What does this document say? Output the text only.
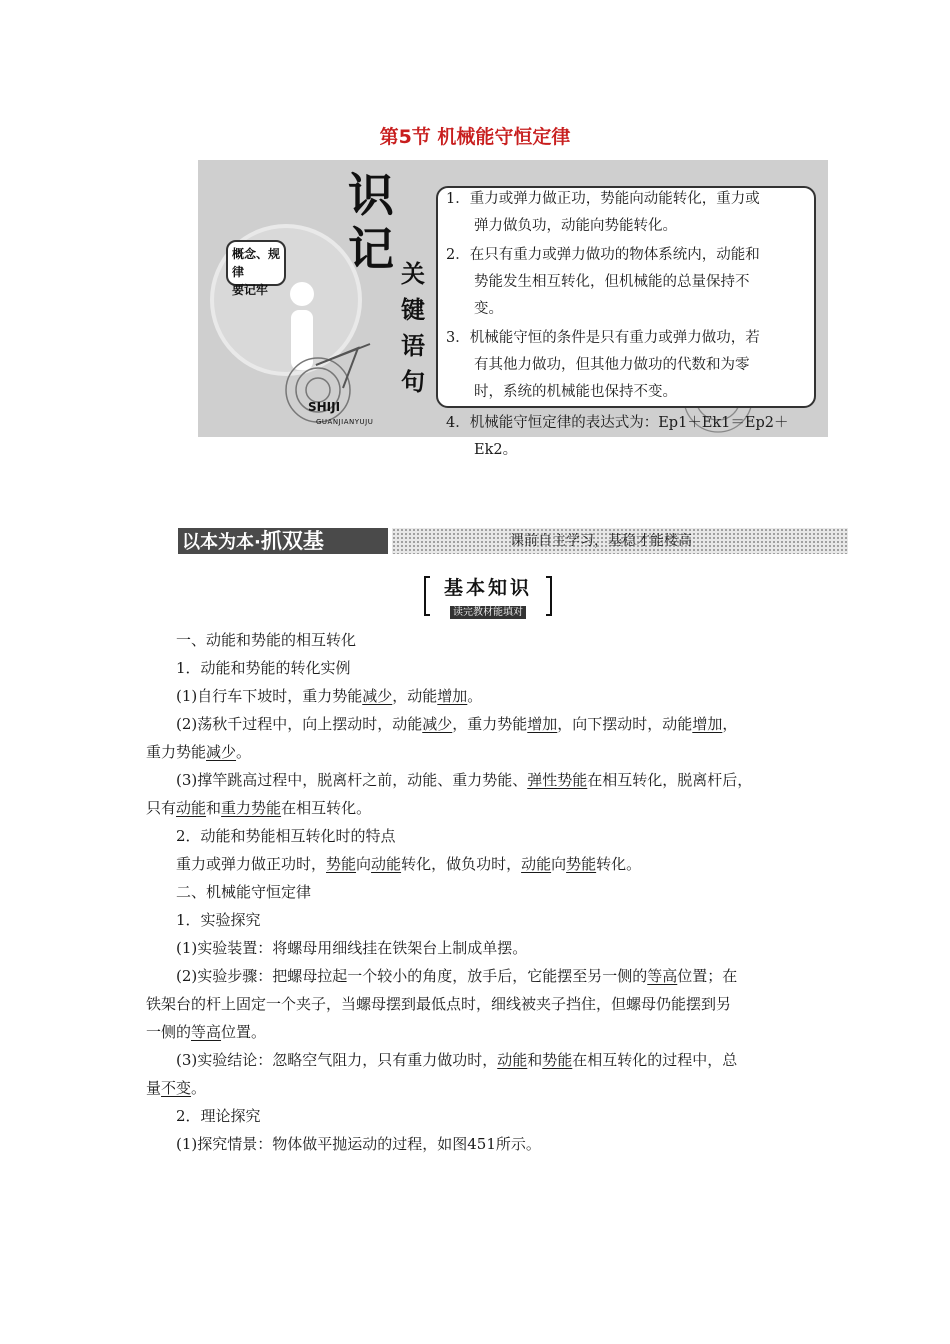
第5节 机械能守恒定律
概念、规律
要记牢
识
记 关键语句
SHIJI
GUANJIANYUJU
1．重力或弹力做正功，势能向动能转化，重力或
弹力做负功，动能向势能转化。
2．在只有重力或弹力做功的物体系统内，动能和
势能发生相互转化，但机械能的总量保持不
变。
3．机械能守恒的条件是只有重力或弹力做功，若
有其他力做功，但其他力做功的代数和为零
时，系统的机械能也保持不变。
4．机械能守恒定律的表达式为：Ep1＋Ek1＝Ep2＋
Ek2。
以本为本·抓双基	课前自主学习，基稳才能楼高
基本知识
读完教材能填对
一、动能和势能的相互转化
1．动能和势能的转化实例
(1)自行车下坡时，重力势能减少，动能增加。
(2)荡秋千过程中，向上摆动时，动能减少，重力势能增加，向下摆动时，动能增加，
重力势能减少。
(3)撑竿跳高过程中，脱离杆之前，动能、重力势能、弹性势能在相互转化，脱离杆后，
只有动能和重力势能在相互转化。
2．动能和势能相互转化时的特点
重力或弹力做正功时，势能向动能转化，做负功时，动能向势能转化。
二、机械能守恒定律
1．实验探究
(1)实验装置：将螺母用细线挂在铁架台上制成单摆。
(2)实验步骤：把螺母拉起一个较小的角度，放手后，它能摆至另一侧的等高位置；在
铁架台的杆上固定一个夹子，当螺母摆到最低点时，细线被夹子挡住，但螺母仍能摆到另
一侧的等高位置。
(3)实验结论：忽略空气阻力，只有重力做功时，动能和势能在相互转化的过程中，总
量不变。
2．理论探究
(1)探究情景：物体做平抛运动的过程，如图451所示。
